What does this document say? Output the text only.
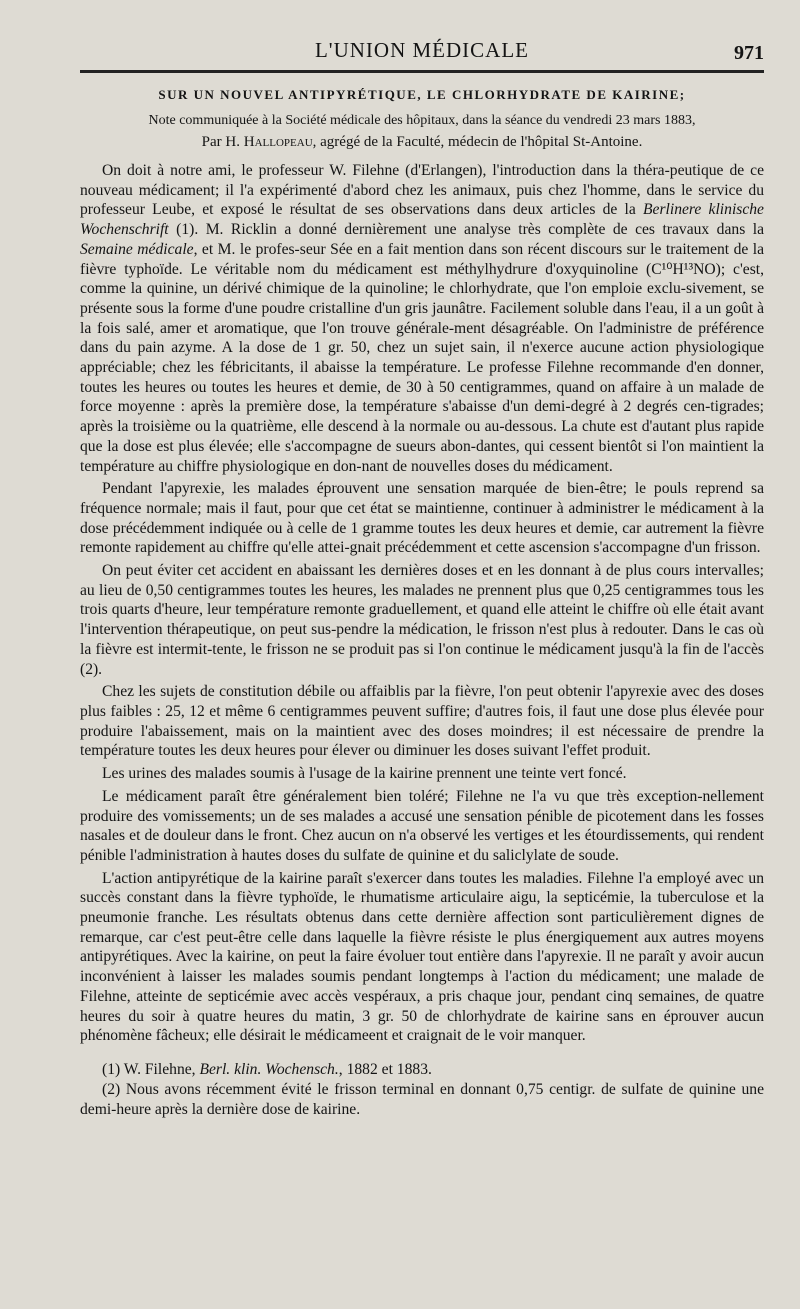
L'UNION MÉDICALE	971
SUR UN NOUVEL ANTIPYRÉTIQUE, LE CHLORHYDRATE DE KAIRINE;
Note communiquée à la Société médicale des hôpitaux, dans la séance du vendredi 23 mars 1883,
Par H. Hallopeau, agrégé de la Faculté, médecin de l'hôpital St-Antoine.

On doit à notre ami, le professeur W. Filehne (d'Erlangen), l'introduction dans la théra-peutique de ce nouveau médicament; il l'a expérimenté d'abord chez les animaux, puis chez l'homme, dans le service du professeur Leube, et exposé le résultat de ses observations dans deux articles de la Berlinere klinische Wochenschrift (1). M. Ricklin a donné dernièrement une analyse très complète de ces travaux dans la Semaine médicale, et M. le profes-seur Sée en a fait mention dans son récent discours sur le traitement de la fièvre typhoïde. Le véritable nom du médicament est méthylhydrure d'oxyquinoline (C¹⁰H¹³NO); c'est, comme la quinine, un dérivé chimique de la quinoline; le chlorhydrate, que l'on emploie exclu-sivement, se présente sous la forme d'une poudre cristalline d'un gris jaunâtre. Facilement soluble dans l'eau, il a un goût à la fois salé, amer et aromatique, que l'on trouve générale-ment désagréable. On l'administre de préférence dans du pain azyme. A la dose de 1 gr. 50, chez un sujet sain, il n'exerce aucune action physiologique appréciable; chez les fébricitants, il abaisse la température. Le professe Filehne recommande d'en donner, toutes les heures ou toutes les heures et demie, de 30 à 50 centigrammes, quand on affaire à un malade de force moyenne : après la première dose, la température s'abaisse d'un demi-degré à 2 degrés cen-tigrades; après la troisième ou la quatrième, elle descend à la normale ou au-dessous. La chute est d'autant plus rapide que la dose est plus élevée; elle s'accompagne de sueurs abon-dantes, qui cessent bientôt si l'on maintient la température au chiffre physiologique en don-nant de nouvelles doses du médicament.

Pendant l'apyrexie, les malades éprouvent une sensation marquée de bien-être; le pouls reprend sa fréquence normale; mais il faut, pour que cet état se maintienne, continuer à administrer le médicament à la dose précédemment indiquée ou à celle de 1 gramme toutes les deux heures et demie, car autrement la fièvre remonte rapidement au chiffre qu'elle attei-gnait précédemment et cette ascension s'accompagne d'un frisson.

On peut éviter cet accident en abaissant les dernières doses et en les donnant à de plus cours intervalles; au lieu de 0,50 centigrammes toutes les heures, les malades ne prennent plus que 0,25 centigrammes tous les trois quarts d'heure, leur température remonte graduellement, et quand elle atteint le chiffre où elle était avant l'intervention thérapeutique, on peut sus-pendre la médication, le frisson n'est plus à redouter. Dans le cas où la fièvre est intermit-tente, le frisson ne se produit pas si l'on continue le médicament jusqu'à la fin de l'accès (2).

Chez les sujets de constitution débile ou affaiblis par la fièvre, l'on peut obtenir l'apyrexie avec des doses plus faibles : 25, 12 et même 6 centigrammes peuvent suffire; d'autres fois, il faut une dose plus élevée pour produire l'abaissement, mais on la maintient avec des doses moindres; il est nécessaire de prendre la température toutes les deux heures pour élever ou diminuer les doses suivant l'effet produit.

Les urines des malades soumis à l'usage de la kairine prennent une teinte vert foncé.

Le médicament paraît être généralement bien toléré; Filehne ne l'a vu que très exception-nellement produire des vomissements; un de ses malades a accusé une sensation pénible de picotement dans les fosses nasales et de douleur dans le front. Chez aucun on n'a observé les vertiges et les étourdissements, qui rendent pénible l'administration à hautes doses du sulfate de quinine et du saliclylate de soude.

L'action antipyrétique de la kairine paraît s'exercer dans toutes les maladies. Filehne l'a employé avec un succès constant dans la fièvre typhoïde, le rhumatisme articulaire aigu, la septicémie, la tuberculose et la pneumonie franche. Les résultats obtenus dans cette dernière affection sont particulièrement dignes de remarque, car c'est peut-être celle dans laquelle la fièvre résiste le plus énergiquement aux autres moyens antipyrétiques. Avec la kairine, on peut la faire évoluer tout entière dans l'apyrexie. Il ne paraît y avoir aucun inconvénient à laisser les malades soumis pendant longtemps à l'action du médicament; une malade de Filehne, atteinte de septicémie avec accès vespéraux, a pris chaque jour, pendant cinq semaines, de quatre heures du soir à quatre heures du matin, 3 gr. 50 de chlorhydrate de kairine sans en éprouver aucun phénomène fâcheux; elle désirait le médicameent et craignait de le voir manquer.

(1) W. Filehne, Berl. klin. Wochensch., 1882 et 1883.

(2) Nous avons récemment évité le frisson terminal en donnant 0,75 centigr. de sulfate de quinine une demi-heure après la dernière dose de kairine.
